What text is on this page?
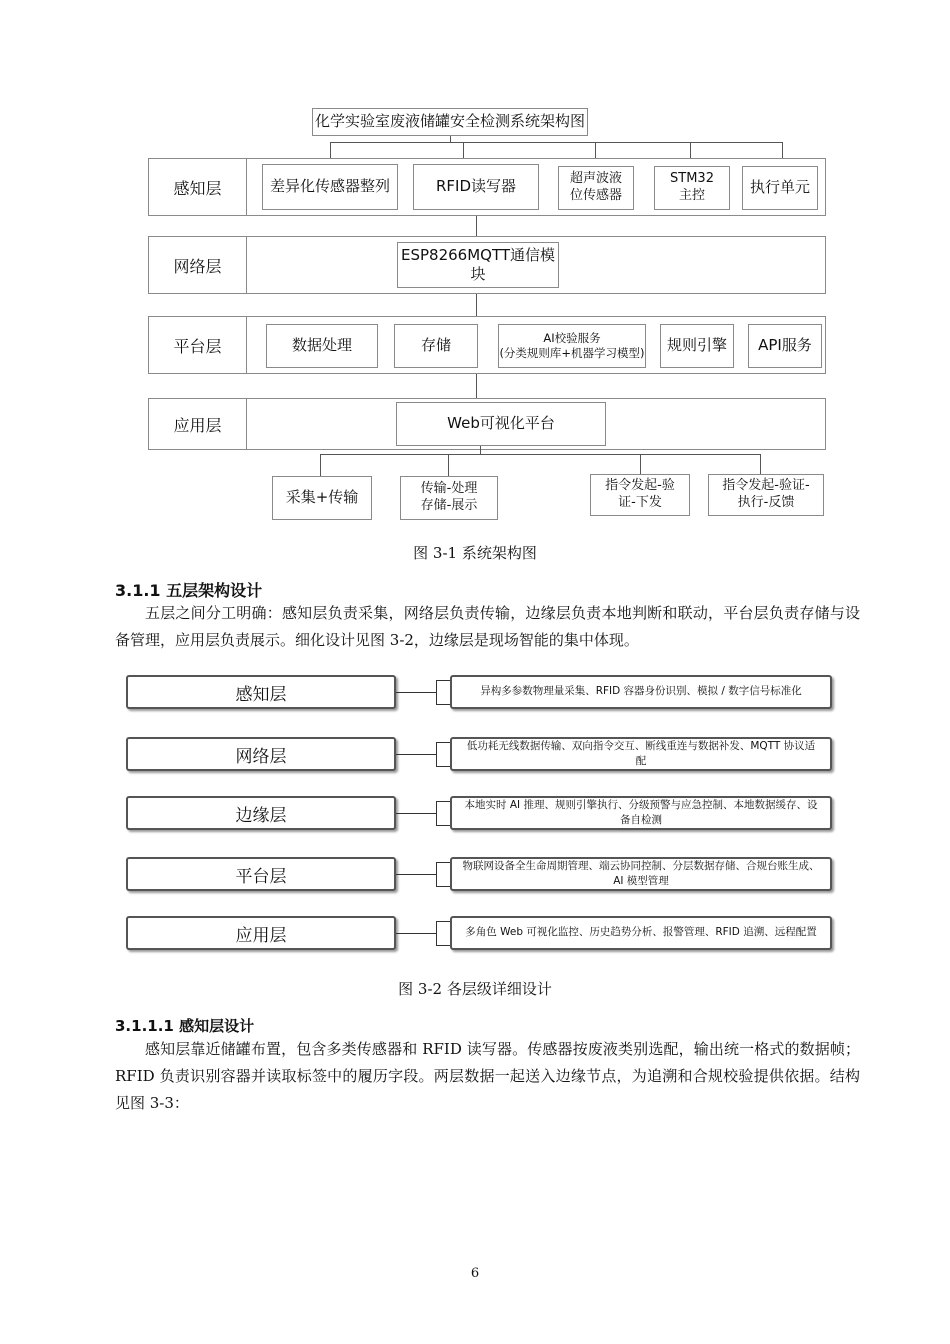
化学实验室废液储罐安全检测系统架构图
感知层	差异化传感器整列	RFID读写器	超声波液
位传感器
STM32
主控	执行单元
网络层
ESP8266MQTT通信模块
平台层	数据处理	存储	AI校验服务
(分类规则库+机器学习模型)	规则引擎	API服务
应用层	Web可视化平台
采集+传输	传输-处理
存储-展示
指令发起-验
证-下发
指令发起-验证-
执行-反馈
图 3-1 系统架构图
3.1.1 五层架构设计
五层之间分工明确：感知层负责采集，网络层负责传输，边缘层负责本地判断和联动，平台层负责存储与设备管理，应用层负责展示。细化设计见图 3-2，边缘层是现场智能的集中体现。
感知层	异构多参数物理量采集、RFID 容器身份识别、模拟 / 数字信号标准化
网络层
低功耗无线数据传输、双向指令交互、断线重连与数据补发、MQTT 协议适配
边缘层
本地实时 AI 推理、规则引擎执行、分级预警与应急控制、本地数据缓存、设备自检测
平台层
物联网设备全生命周期管理、端云协同控制、分层数据存储、合规台账生成、AI 模型管理
应用层	多角色 Web 可视化监控、历史趋势分析、报警管理、RFID 追溯、远程配置
图 3-2 各层级详细设计
3.1.1.1 感知层设计
感知层靠近储罐布置，包含多类传感器和 RFID 读写器。传感器按废液类别选配，输出统一格式的数据帧；RFID 负责识别容器并读取标签中的履历字段。两层数据一起送入边缘节点，为追溯和合规校验提供依据。结构见图 3-3：
6
